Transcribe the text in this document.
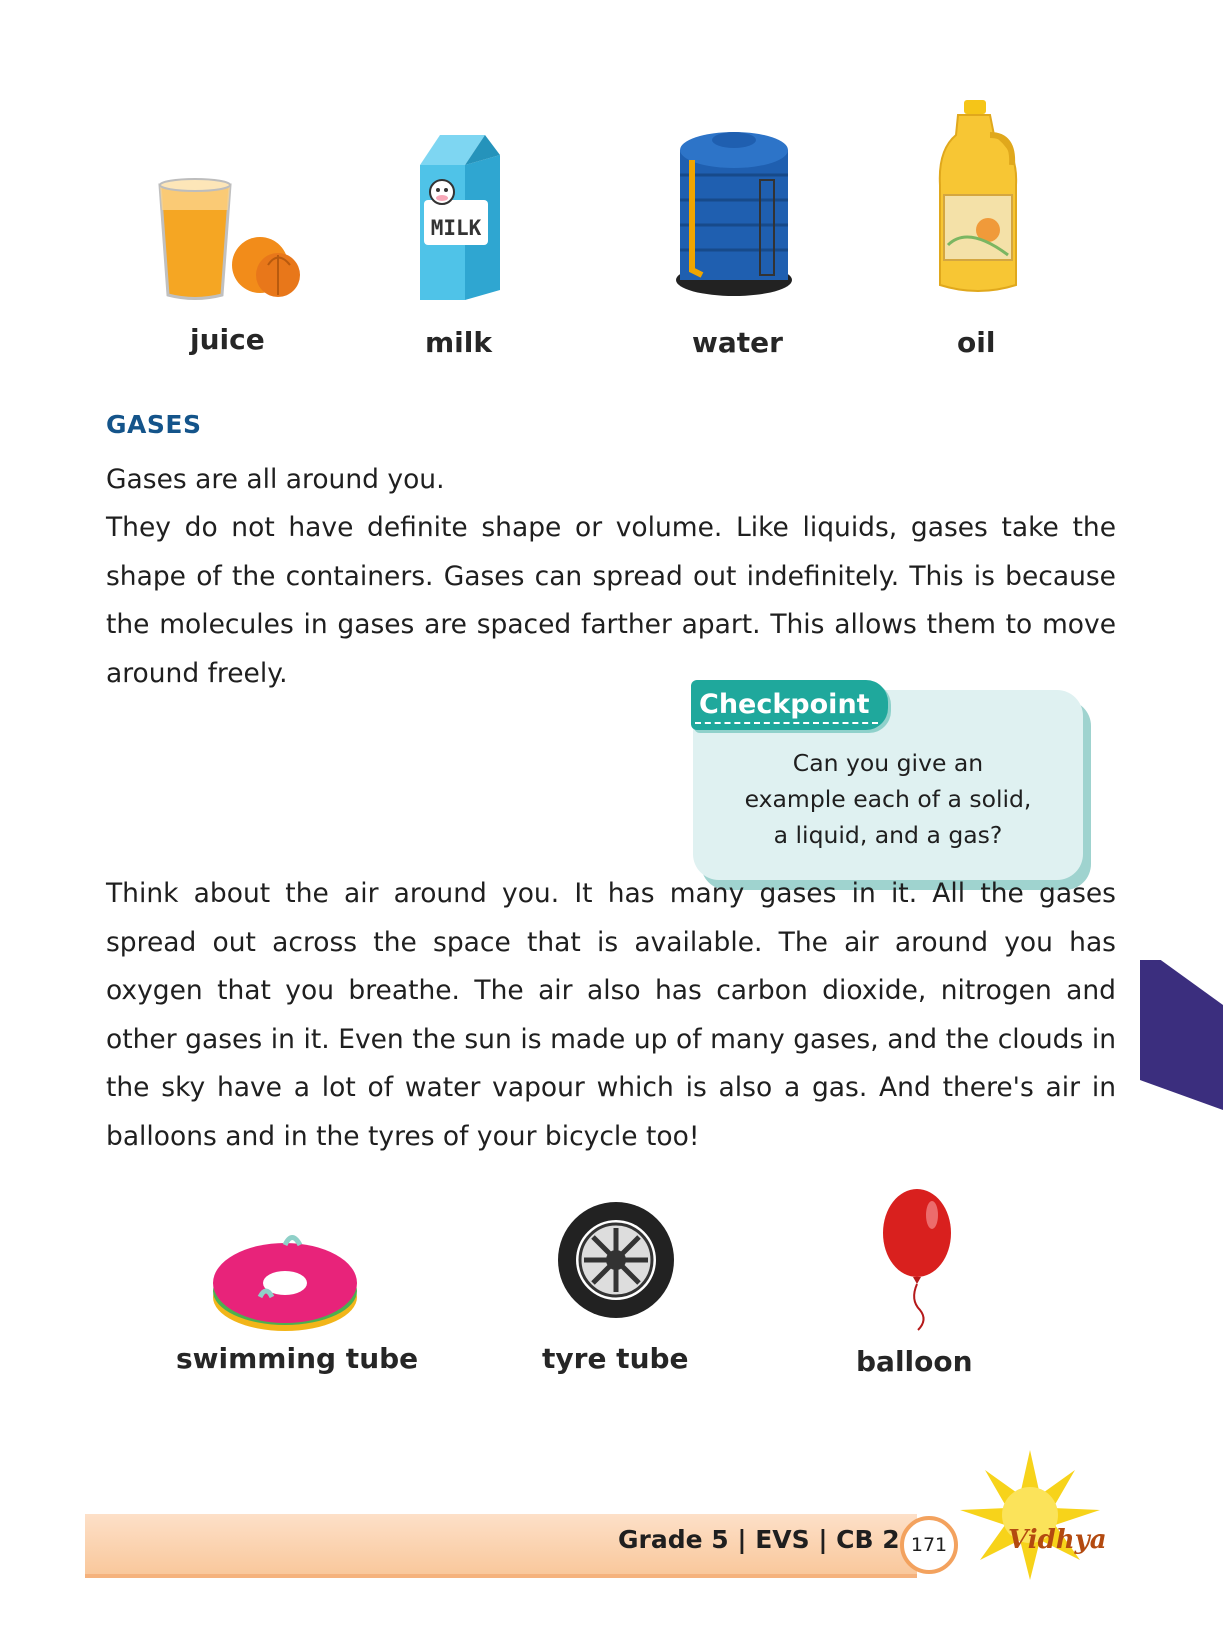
juice
MILK
milk	water	oil
GASES

Gases are all around you.

They do not have definite shape or volume. Like liquids, gases take the shape of the containers. Gases can spread out indefinitely. This is because the molecules in gases are spaced farther apart. This allows them to move around freely.

Checkpoint
Can you give an
example each of a solid,
a liquid, and a gas?

Think about the air around you. It has many gases in it. All the gases spread out across the space that is available. The air around you has oxygen that you breathe. The air also has carbon dioxide, nitrogen and other gases in it. Even the sun is made up of many gases, and the clouds in the sky have a lot of water vapour which is also a gas. And there's air in balloons and in the tyres of your bicycle too!

swimming tube	tyre tube	balloon
Grade 5 | EVS | CB 2 171	Vidhya
